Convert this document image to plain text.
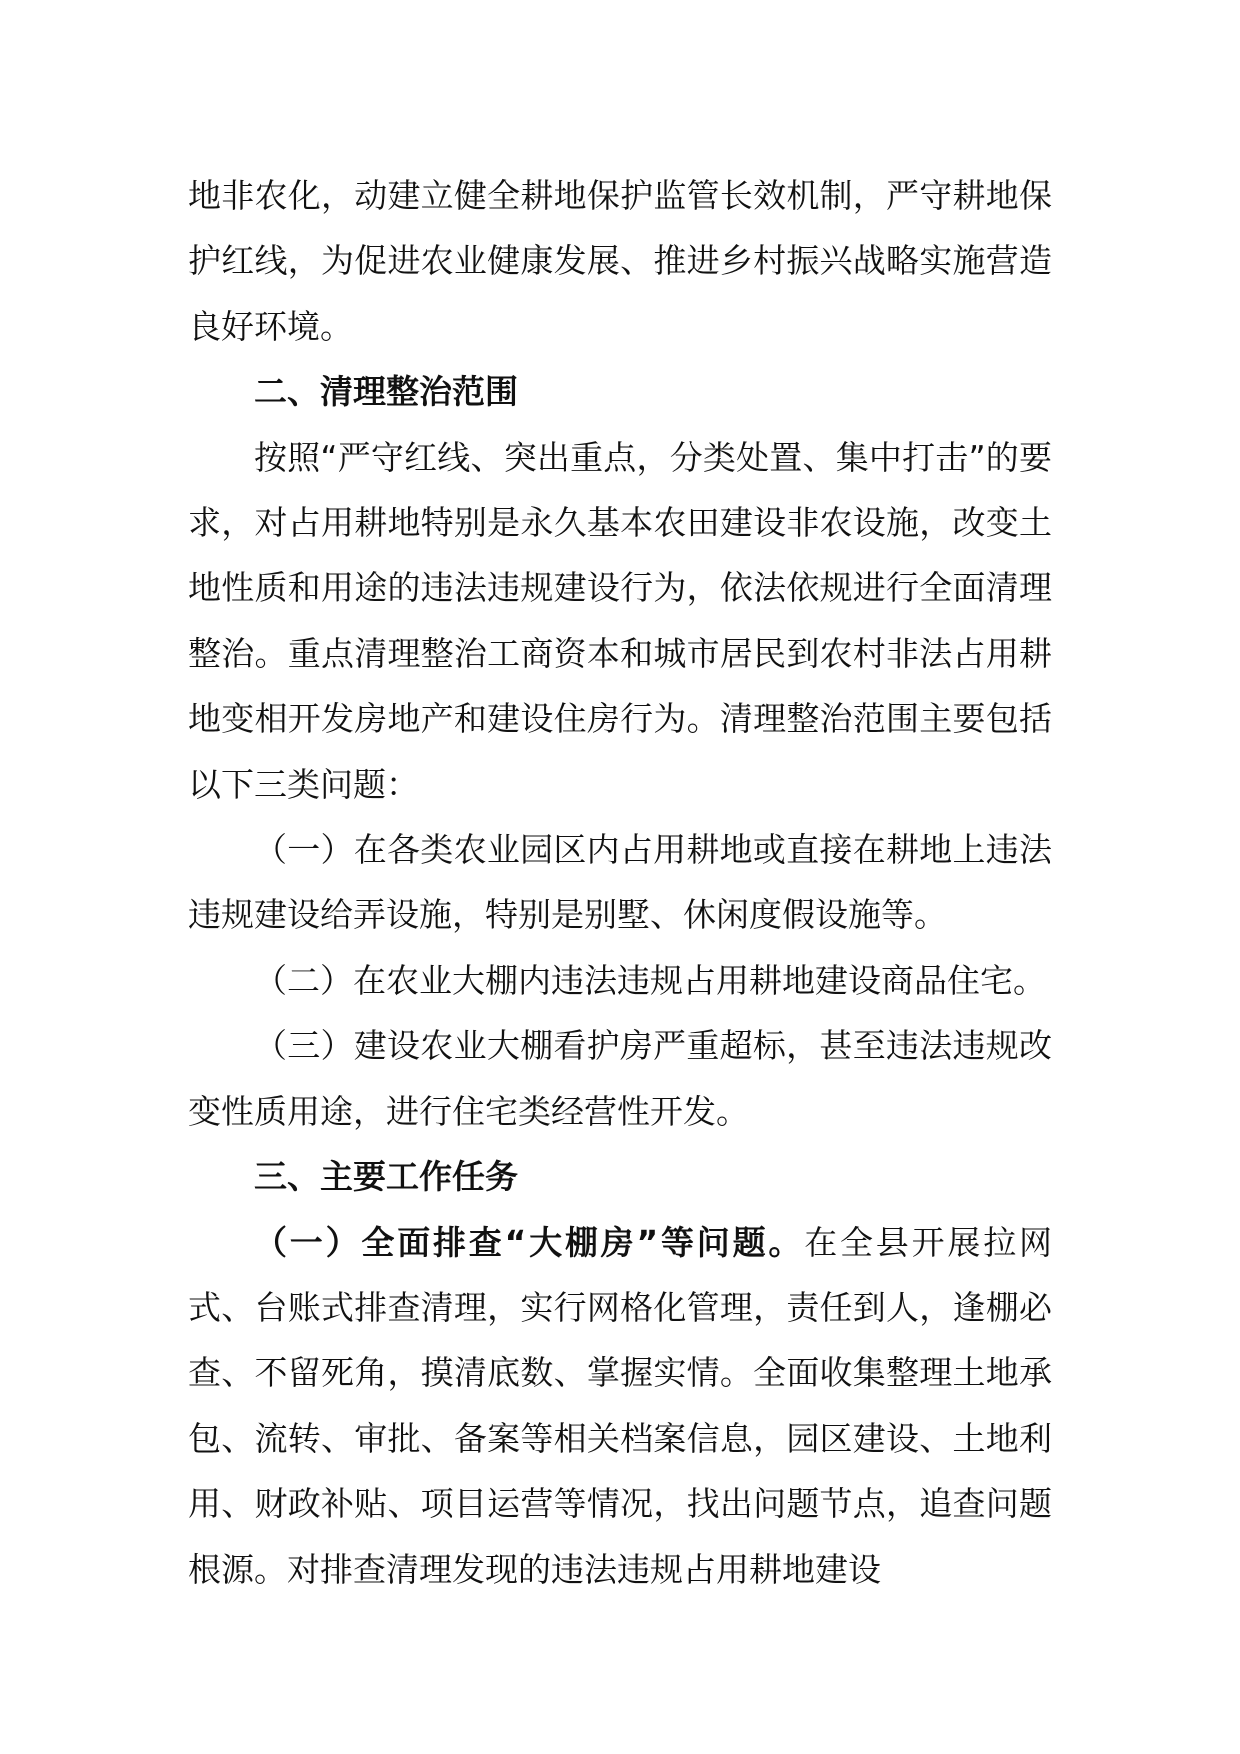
地非农化，动建立健全耕地保护监管长效机制，严守耕地保护红线，为促进农业健康发展、推进乡村振兴战略实施营造良好环境。

二、清理整治范围

按照“严守红线、突出重点，分类处置、集中打击”的要求，对占用耕地特别是永久基本农田建设非农设施，改变土地性质和用途的违法违规建设行为，依法依规进行全面清理整治。重点清理整治工商资本和城市居民到农村非法占用耕地变相开发房地产和建设住房行为。清理整治范围主要包括以下三类问题：

（一）在各类农业园区内占用耕地或直接在耕地上违法违规建设给弄设施，特别是别墅、休闲度假设施等。

（二）在农业大棚内违法违规占用耕地建设商品住宅。

（三）建设农业大棚看护房严重超标，甚至违法违规改变性质用途，进行住宅类经营性开发。

三、主要工作任务

（一）全面排查“大棚房”等问题。在全县开展拉网式、台账式排查清理，实行网格化管理，责任到人，逢棚必查、不留死角，摸清底数、掌握实情。全面收集整理土地承包、流转、审批、备案等相关档案信息，园区建设、土地利用、财政补贴、项目运营等情况，找出问题节点，追查问题根源。对排查清理发现的违法违规占用耕地建设
